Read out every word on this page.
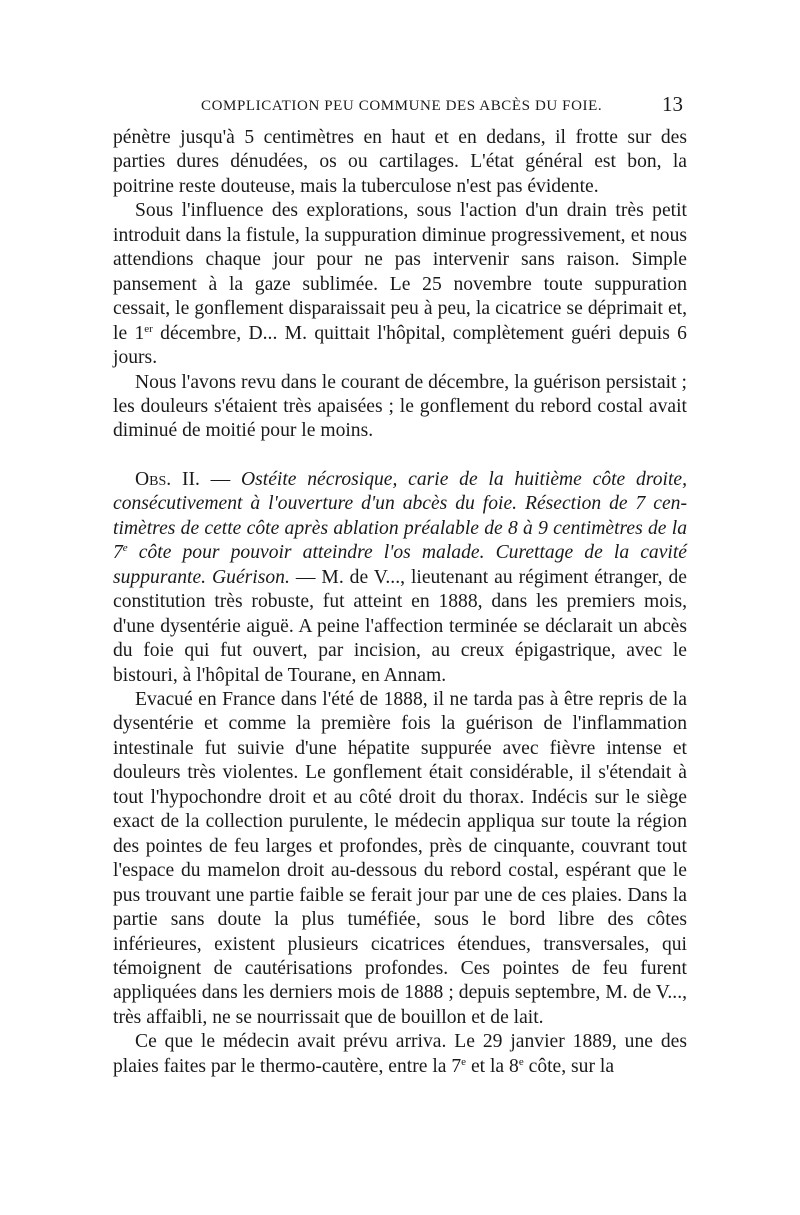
COMPLICATION PEU COMMUNE DES ABCÈS DU FOIE.	13

pénètre jusqu'à 5 centimètres en haut et en dedans, il frotte sur des parties dures dénudées, os ou cartilages. L'état général est bon, la poitrine reste douteuse, mais la tuberculose n'est pas évidente.

Sous l'influence des explorations, sous l'action d'un drain très petit introduit dans la fistule, la suppuration diminue progressivement, et nous attendions chaque jour pour ne pas intervenir sans raison. Simple pansement à la gaze sublimée. Le 25 novembre toute suppuration cessait, le gonflement disparaissait peu à peu, la cicatrice se déprimait et, le 1er décembre, D... M. quittait l'hôpital, complètement guéri depuis 6 jours.

Nous l'avons revu dans le courant de décembre, la guérison persistait ; les douleurs s'étaient très apaisées ; le gonflement du rebord costal avait diminué de moitié pour le moins.

Obs. II. — Ostéite nécrosique, carie de la huitième côte droite, consécutivement à l'ouverture d'un abcès du foie. Résection de 7 centimètres de cette côte après ablation préalable de 8 à 9 centimètres de la 7e côte pour pouvoir atteindre l'os malade. Curettage de la cavité suppurante. Guérison. — M. de V..., lieutenant au régiment étranger, de constitution très robuste, fut atteint en 1888, dans les premiers mois, d'une dysentérie aiguë. A peine l'affection terminée se déclarait un abcès du foie qui fut ouvert, par incision, au creux épigastrique, avec le bistouri, à l'hôpital de Tourane, en Annam.

Evacué en France dans l'été de 1888, il ne tarda pas à être repris de la dysentérie et comme la première fois la guérison de l'inflammation intestinale fut suivie d'une hépatite suppurée avec fièvre intense et douleurs très violentes. Le gonflement était considérable, il s'étendait à tout l'hypochondre droit et au côté droit du thorax. Indécis sur le siège exact de la collection purulente, le médecin appliqua sur toute la région des pointes de feu larges et profondes, près de cinquante, couvrant tout l'espace du mamelon droit au-dessous du rebord costal, espérant que le pus trouvant une partie faible se ferait jour par une de ces plaies. Dans la partie sans doute la plus tuméfiée, sous le bord libre des côtes inférieures, existent plusieurs cicatrices étendues, transversales, qui témoignent de cautérisations profondes. Ces pointes de feu furent appliquées dans les derniers mois de 1888 ; depuis septembre, M. de V..., très affaibli, ne se nourrissait que de bouillon et de lait.

Ce que le médecin avait prévu arriva. Le 29 janvier 1889, une des plaies faites par le thermo-cautère, entre la 7e et la 8e côte, sur la
